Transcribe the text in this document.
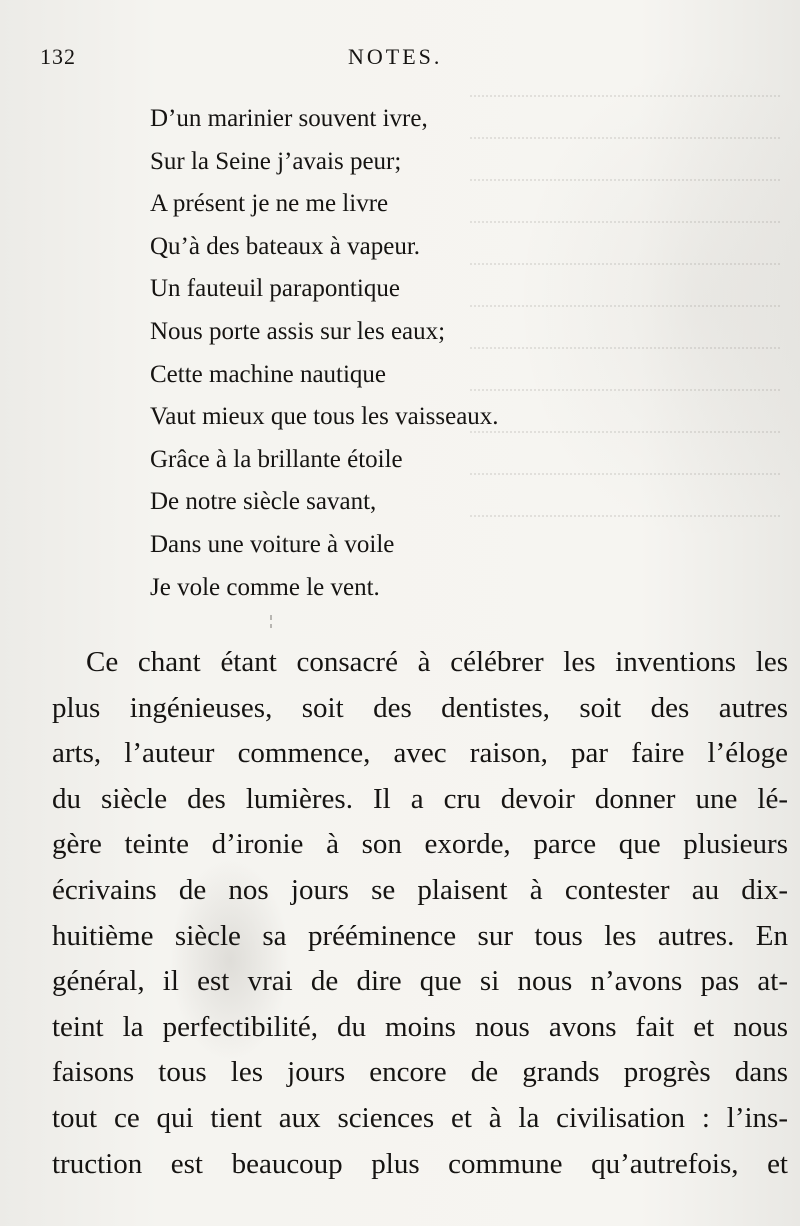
132	NOTES.
D’un marinier souvent ivre,
Sur la Seine j’avais peur;
A présent je ne me livre
Qu’à des bateaux à vapeur.
Un fauteuil parapontique
Nous porte assis sur les eaux;
Cette machine nautique
Vaut mieux que tous les vaisseaux.
Grâce à la brillante étoile
De notre siècle savant,
Dans une voiture à voile
Je vole comme le vent.
Ce chant étant consacré à célébrer les inventions les
plus ingénieuses, soit des dentistes, soit des autres
arts, l’auteur commence, avec raison, par faire l’éloge
du siècle des lumières. Il a cru devoir donner une lé-
gère teinte d’ironie à son exorde, parce que plusieurs
écrivains de nos jours se plaisent à contester au dix-
huitième siècle sa prééminence sur tous les autres. En
général, il est vrai de dire que si nous n’avons pas at-
teint la perfectibilité, du moins nous avons fait et nous
faisons tous les jours encore de grands progrès dans
tout ce qui tient aux sciences et à la civilisation : l’ins-
truction est beaucoup plus commune qu’autrefois, et
